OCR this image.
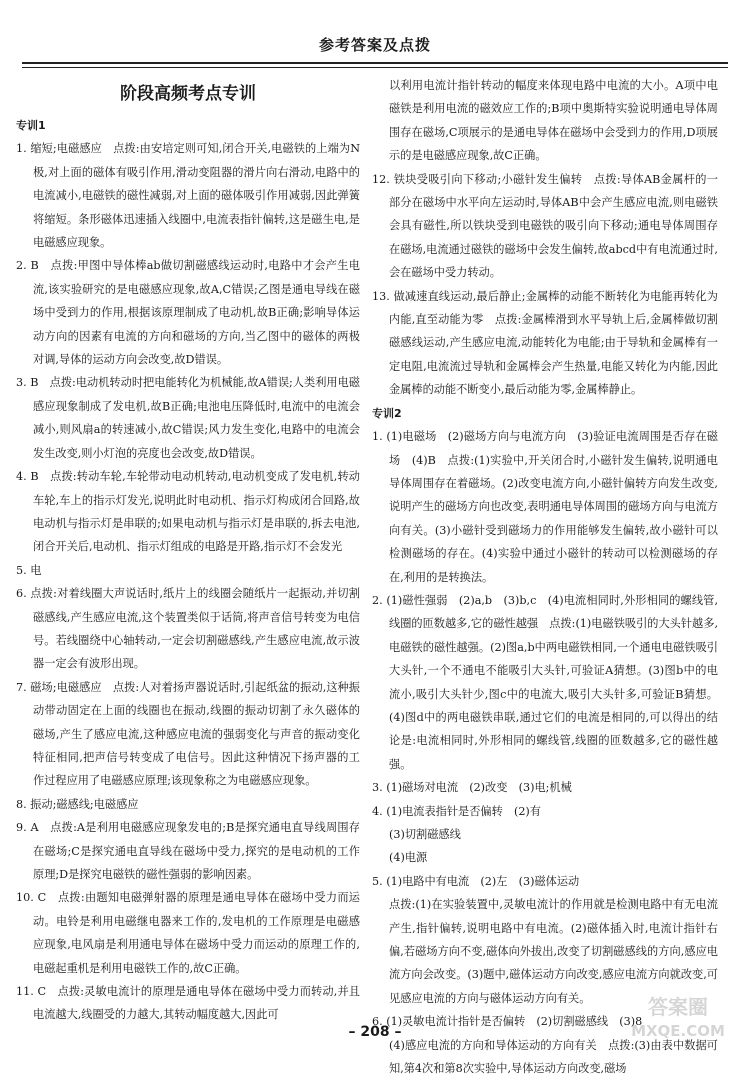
参考答案及点拨
阶段高频考点专训
专训1
1. 缩短;电磁感应　点拨:由安培定则可知,闭合开关,电磁铁的上端为N极,对上面的磁体有吸引作用,滑动变阻器的滑片向右滑动,电路中的电流减小,电磁铁的磁性减弱,对上面的磁体吸引作用减弱,因此弹簧将缩短。条形磁体迅速插入线圈中,电流表指针偏转,这是磁生电,是电磁感应现象。
2. B　点拨:甲图中导体棒ab做切割磁感线运动时,电路中才会产生电流,该实验研究的是电磁感应现象,故A,C错误;乙图是通电导线在磁场中受到力的作用,根据该原理制成了电动机,故B正确;影响导体运动方向的因素有电流的方向和磁场的方向,当乙图中的磁体的两极对调,导体的运动方向会改变,故D错误。
3. B　点拨:电动机转动时把电能转化为机械能,故A错误;人类利用电磁感应现象制成了发电机,故B正确;电池电压降低时,电流中的电流会减小,则风扇a的转速减小,故C错误;风力发生变化,电路中的电流会发生改变,则小灯泡的亮度也会改变,故D错误。
4. B　点拨:转动车轮,车轮带动电动机转动,电动机变成了发电机,转动车轮,车上的指示灯发光,说明此时电动机、指示灯构成闭合回路,故电动机与指示灯是串联的;如果电动机与指示灯是串联的,拆去电池,闭合开关后,电动机、指示灯组成的电路是开路,指示灯不会发光
5. 电
6. 点拨:对着线圈大声说话时,纸片上的线圈会随纸片一起振动,并切割磁感线,产生感应电流,这个装置类似于话筒,将声音信号转变为电信号。若线圈绕中心轴转动,一定会切割磁感线,产生感应电流,故示波器一定会有波形出现。
7. 磁场;电磁感应　点拨:人对着扬声器说话时,引起纸盆的振动,这种振动带动固定在上面的线圈也在振动,线圈的振动切割了永久磁体的磁场,产生了感应电流,这种感应电流的强弱变化与声音的振动变化特征相同,把声信号转变成了电信号。因此这种情况下扬声器的工作过程应用了电磁感应原理;该现象称之为电磁感应现象。
8. 振动;磁感线;电磁感应
9. A　点拨:A是利用电磁感应现象发电的;B是探究通电直导线周围存在磁场;C是探究通电直导线在磁场中受力,探究的是电动机的工作原理;D是探究电磁铁的磁性强弱的影响因素。
10. C　点拨:由题知电磁弹射器的原理是通电导体在磁场中受力而运动。电铃是利用电磁继电器来工作的,发电机的工作原理是电磁感应现象,电风扇是利用通电导体在磁场中受力而运动的原理工作的,电磁起重机是利用电磁铁工作的,故C正确。
11. C　点拨:灵敏电流计的原理是通电导体在磁场中受力而转动,并且电流越大,线圈受的力越大,其转动幅度越大,因此可
以利用电流计指针转动的幅度来体现电路中电流的大小。A项中电磁铁是利用电流的磁效应工作的;B项中奥斯特实验说明通电导体周围存在磁场,C项展示的是通电导体在磁场中会受到力的作用,D项展示的是电磁感应现象,故C正确。
12. 铁块受吸引向下移动;小磁针发生偏转　点拨:导体AB金属杆的一部分在磁场中水平向左运动时,导体AB中会产生感应电流,则电磁铁会具有磁性,所以铁块受到电磁铁的吸引向下移动;通电导体周围存在磁场,电流通过磁铁的磁场中会发生偏转,故abcd中有电流通过时,会在磁场中受力转动。
13. 做减速直线运动,最后静止;金属棒的动能不断转化为电能再转化为内能,直至动能为零　点拨:金属棒滑到水平导轨上后,金属棒做切割磁感线运动,产生感应电流,动能转化为电能;由于导轨和金属棒有一定电阻,电流流过导轨和金属棒会产生热量,电能又转化为内能,因此金属棒的动能不断变小,最后动能为零,金属棒静止。
专训2
1. (1)电磁场　(2)磁场方向与电流方向　(3)验证电流周围是否存在磁场　(4)B　点拨:(1)实验中,开关闭合时,小磁针发生偏转,说明通电导体周围存在着磁场。(2)改变电流方向,小磁针偏转方向发生改变,说明产生的磁场方向也改变,表明通电导体周围的磁场方向与电流方向有关。(3)小磁针受到磁场力的作用能够发生偏转,故小磁针可以检测磁场的存在。(4)实验中通过小磁针的转动可以检测磁场的存在,利用的是转换法。
2. (1)磁性强弱　(2)a,b　(3)b,c　(4)电流相同时,外形相同的螺线管,线圈的匝数越多,它的磁性越强　点拨:(1)电磁铁吸引的大头针越多,电磁铁的磁性越强。(2)图a,b中两电磁铁相同,一个通电电磁铁吸引大头针,一个不通电不能吸引大头针,可验证A猜想。(3)图b中的电流小,吸引大头针少,图c中的电流大,吸引大头针多,可验证B猜想。(4)图d中的两电磁铁串联,通过它们的电流是相同的,可以得出的结论是:电流相同时,外形相同的螺线管,线圈的匝数越多,它的磁性越强。
3. (1)磁场对电流　(2)改变　(3)电;机械
4. (1)电流表指针是否偏转　(2)有
(3)切割磁感线
(4)电源
5. (1)电路中有电流　(2)左　(3)磁体运动
点拨:(1)在实验装置中,灵敏电流计的作用就是检测电路中有无电流产生,指针偏转,说明电路中有电流。(2)磁体插入时,电流计指针右偏,若磁场方向不变,磁体向外拔出,改变了切割磁感线的方向,感应电流方向会改变。(3)题中,磁体运动方向改变,感应电流方向就改变,可见感应电流的方向与磁体运动方向有关。
6. (1)灵敏电流计指针是否偏转　(2)切割磁感线　(3)8
(4)感应电流的方向和导体运动的方向有关　点拨:(3)由表中数据可知,第4次和第8次实验中,导体运动方向改变,磁场
– 208 –
答案圈
MXQE.COM
